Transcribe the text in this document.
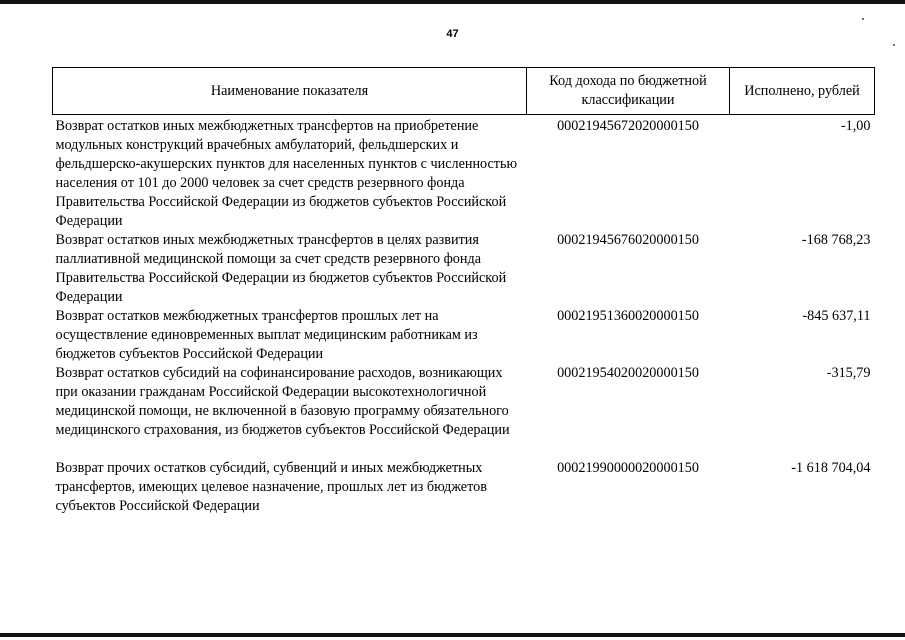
47
Наименование показателя	Код дохода по бюджетной классификации	Исполнено, рублей
Возврат остатков иных межбюджетных трансфертов на приобретение модульных конструкций врачебных амбулаторий, фельдшерских и фельдшерско-акушерских пунктов для населенных пунктов с численностью населения от 101 до 2000 человек за счет средств резервного фонда Правительства Российской Федерации из бюджетов субъектов Российской Федерации	00021945672020000150	-1,00
Возврат остатков иных межбюджетных трансфертов в целях развития паллиативной медицинской помощи за счет средств резервного фонда Правительства Российской Федерации из бюджетов субъектов Российской Федерации	00021945676020000150	-168 768,23
Возврат остатков межбюджетных трансфертов прошлых лет на осуществление единовременных выплат медицинским работникам из бюджетов субъектов Российской Федерации	00021951360020000150	-845 637,11
Возврат остатков субсидий на софинансирование расходов, возникающих при оказании гражданам Российской Федерации высокотехнологичной медицинской помощи, не включенной в базовую программу обязательного медицинского страхования, из бюджетов субъектов Российской Федерации	00021954020020000150	-315,79
Возврат прочих остатков субсидий, субвенций и иных межбюджетных трансфертов, имеющих целевое назначение, прошлых лет из бюджетов субъектов Российской Федерации	00021990000020000150	-1 618 704,04
